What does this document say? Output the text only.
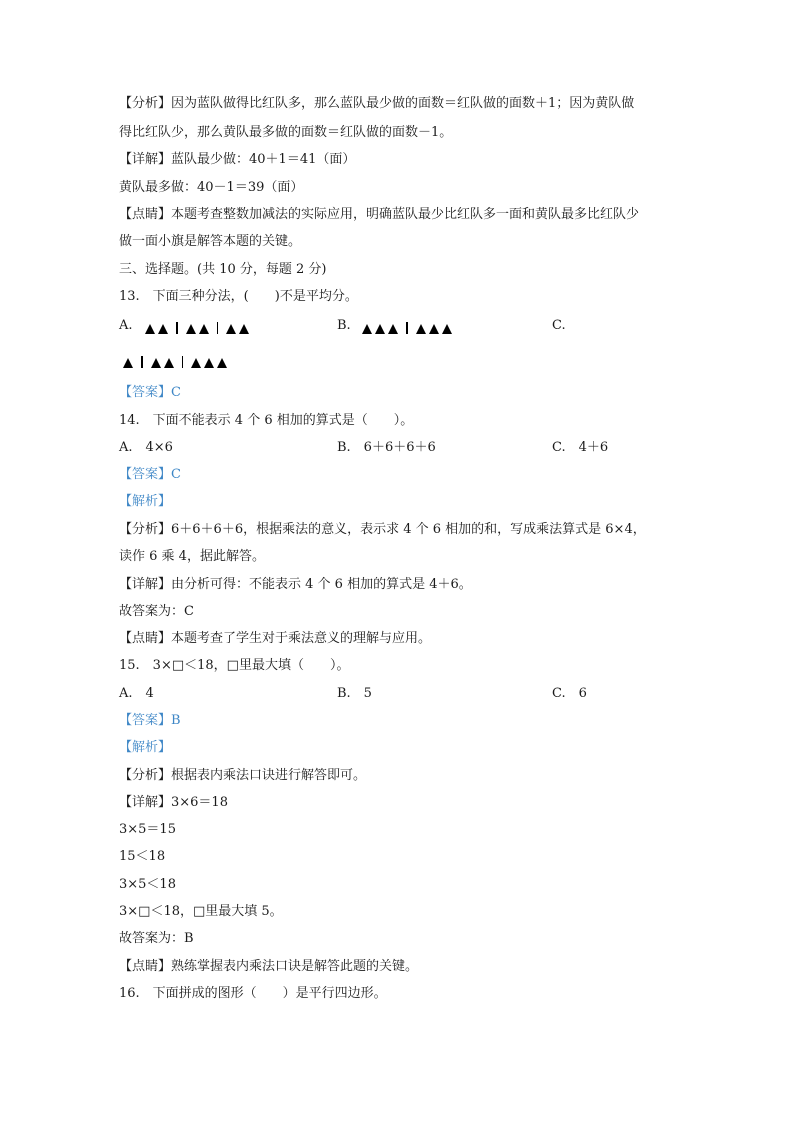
【分析】因为蓝队做得比红队多，那么蓝队最少做的面数＝红队做的面数＋1；因为黄队做
得比红队少，那么黄队最多做的面数＝红队做的面数－1。
【详解】蓝队最少做：40＋1＝41（面）
黄队最多做：40－1＝39（面）
【点睛】本题考查整数加减法的实际应用，明确蓝队最少比红队多一面和黄队最多比红队少
做一面小旗是解答本题的关键。
三、选择题。(共 10 分，每题 2 分)
13.　下面三种分法，(　　)不是平均分。
A.	B.	C.
【答案】C
14.　下面不能表示 4 个 6 相加的算式是（　　）。
A.　4×6	B.　6＋6＋6＋6	C.　4＋6
【答案】C
【解析】
【分析】6＋6＋6＋6，根据乘法的意义，表示求 4 个 6 相加的和，写成乘法算式是 6×4，
读作 6 乘 4，据此解答。
【详解】由分析可得：不能表示 4 个 6 相加的算式是 4＋6。
故答案为：C
【点睛】本题考查了学生对于乘法意义的理解与应用。
15.　3×□＜18，□里最大填（　　）。
A.　4	B.　5	C.　6
【答案】B
【解析】
【分析】根据表内乘法口诀进行解答即可。
【详解】3×6＝18
3×5＝15
15＜18
3×5＜18
3×□＜18，□里最大填 5。
故答案为：B
【点睛】熟练掌握表内乘法口诀是解答此题的关键。
16.　下面拼成的图形（　　）是平行四边形。
